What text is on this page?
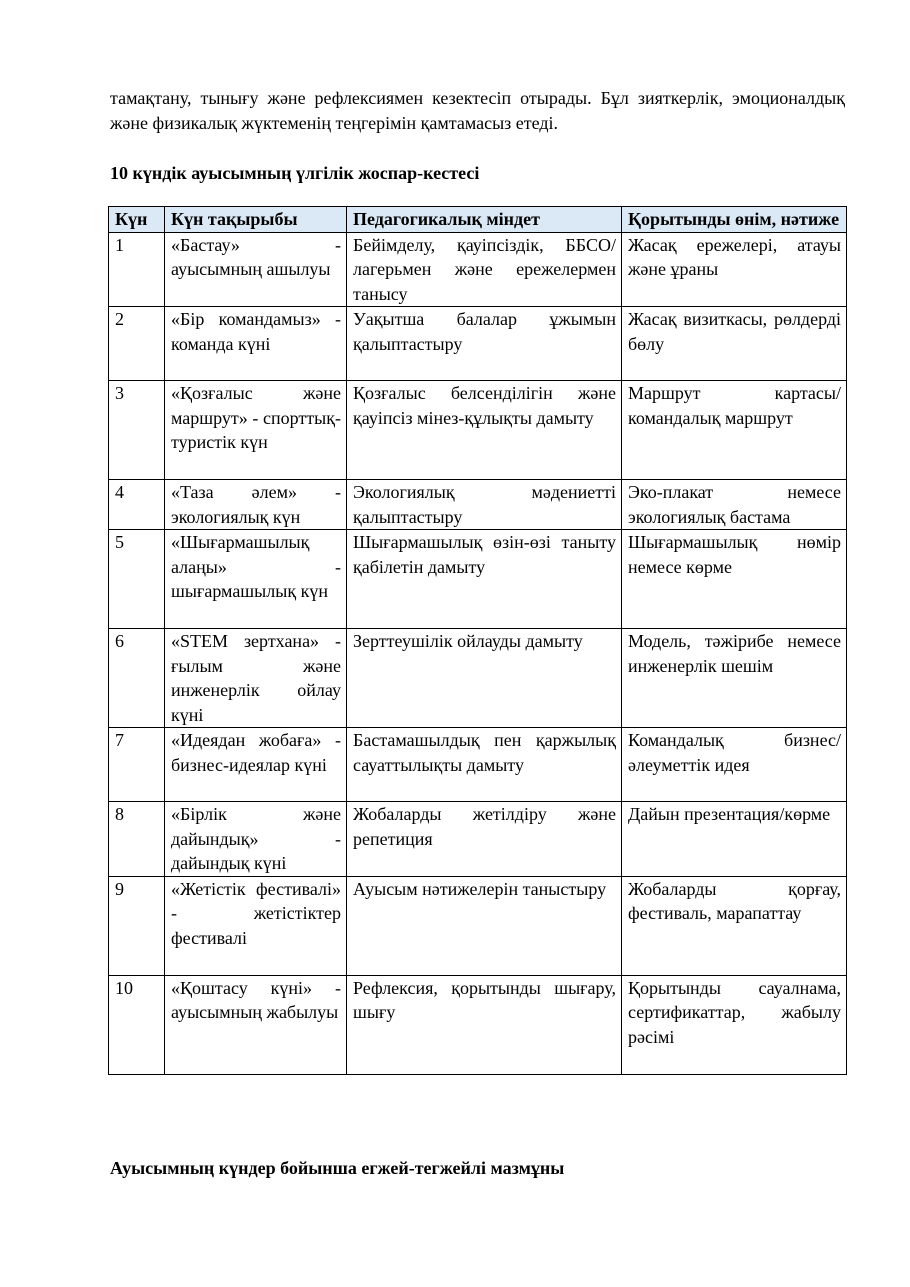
тамақтану, тынығу және рефлексиямен кезектесіп отырады. Бұл зияткерлік, эмоционалдық және физикалық жүктеменің теңгерімін қамтамасыз етеді.

10 күндік ауысымның үлгілік жоспар-кестесі
Күн	Күн тақырыбы	Педагогикалық міндет	Қорытынды өнім, нәтиже
1	«Бастау» - ауысымның ашылуы	Бейімделу, қауіпсіздік, ББСО/лагерьмен және ережелермен танысу	Жасақ ережелері, атауы және ұраны
2	«Бір командамыз» - команда күні	Уақытша балалар ұжымын қалыптастыру	Жасақ визиткасы, рөлдерді бөлу
3	«Қозғалыс және маршрут» - спорттық-туристік күн	Қозғалыс белсенділігін және қауіпсіз мінез-құлықты дамыту	Маршрут картасы/командалық маршрут
4	«Таза әлем» - экологиялық күн	Экологиялық мәдениетті қалыптастыру	Эко-плакат немесе экологиялық бастама
5	«Шығармашылық алаңы» - шығармашылық күн	Шығармашылық өзін-өзі таныту қабілетін дамыту	Шығармашылық нөмір немесе көрме
6	«STEM зертхана» - ғылым және инженерлік ойлау күні	Зерттеушілік ойлауды дамыту	Модель, тәжірибе немесе инженерлік шешім
7	«Идеядан жобаға» - бизнес-идеялар күні	Бастамашылдық пен қаржылық сауаттылықты дамыту	Командалық бизнес/әлеуметтік идея
8	«Бірлік және дайындық» - дайындық күні	Жобаларды жетілдіру және репетиция	Дайын презентация/көрме
9	«Жетістік фестивалі» - жетістіктер фестивалі	Ауысым нәтижелерін таныстыру	Жобаларды қорғау, фестиваль, марапаттау
10	«Қоштасу күні» - ауысымның жабылуы	Рефлексия, қорытынды шығару, шығу	Қорытынды сауалнама, сертификаттар, жабылу рәсімі
Ауысымның күндер бойынша егжей-тегжейлі мазмұны
